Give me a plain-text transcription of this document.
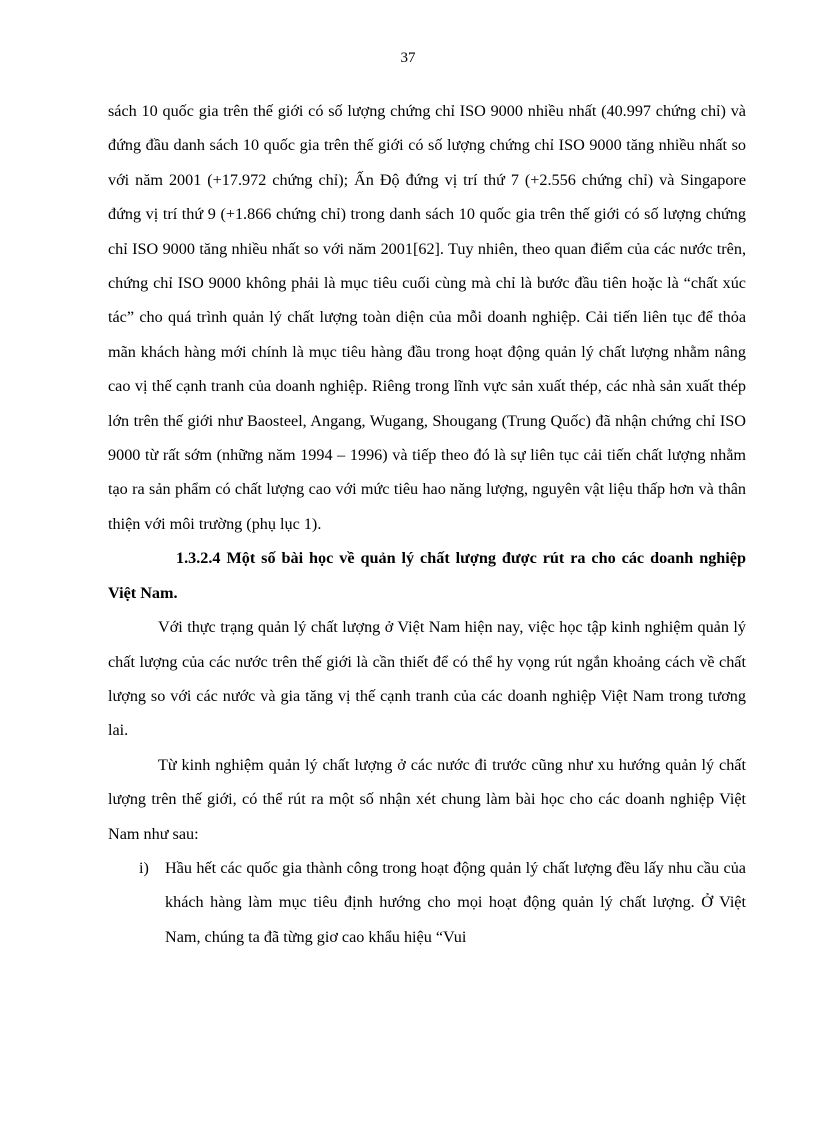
37

sách 10 quốc gia trên thế giới có số lượng chứng chỉ ISO 9000 nhiều nhất (40.997 chứng chỉ) và đứng đầu danh sách 10 quốc gia trên thế giới có số lượng chứng chỉ ISO 9000 tăng nhiều nhất so với năm 2001 (+17.972 chứng chỉ); Ấn Độ đứng vị trí thứ 7 (+2.556 chứng chỉ) và Singapore đứng vị trí thứ 9 (+1.866 chứng chỉ) trong danh sách 10 quốc gia trên thế giới có số lượng chứng chỉ ISO 9000 tăng nhiều nhất so với năm 2001[62]. Tuy nhiên, theo quan điểm của các nước trên, chứng chỉ ISO 9000 không phải là mục tiêu cuối cùng mà chỉ là bước đầu tiên hoặc là “chất xúc tác” cho quá trình quản lý chất lượng toàn diện của mỗi doanh nghiệp. Cải tiến liên tục để thỏa mãn khách hàng mới chính là mục tiêu hàng đầu trong hoạt động quản lý chất lượng nhằm nâng cao vị thế cạnh tranh của doanh nghiệp. Riêng trong lĩnh vực sản xuất thép, các nhà sản xuất thép lớn trên thế giới như Baosteel, Angang, Wugang, Shougang (Trung Quốc) đã nhận chứng chỉ ISO 9000 từ rất sớm (những năm 1994 – 1996) và tiếp theo đó là sự liên tục cải tiến chất lượng nhằm tạo ra sản phẩm có chất lượng cao với mức tiêu hao năng lượng, nguyên vật liệu thấp hơn và thân thiện với môi trường (phụ lục 1).

1.3.2.4 Một số bài học về quản lý chất lượng được rút ra cho các doanh nghiệp Việt Nam.

Với thực trạng quản lý chất lượng ở Việt Nam hiện nay, việc học tập kinh nghiệm quản lý chất lượng của các nước trên thế giới là cần thiết để có thể hy vọng rút ngắn khoảng cách về chất lượng so với các nước và gia tăng vị thế cạnh tranh của các doanh nghiệp Việt Nam trong tương lai.

Từ kinh nghiệm quản lý chất lượng ở các nước đi trước cũng như xu hướng quản lý chất lượng trên thế giới, có thể rút ra một số nhận xét chung làm bài học cho các doanh nghiệp Việt Nam như sau:

i) Hầu hết các quốc gia thành công trong hoạt động quản lý chất lượng đều lấy nhu cầu của khách hàng làm mục tiêu định hướng cho mọi hoạt động quản lý chất lượng. Ở Việt Nam, chúng ta đã từng giơ cao khẩu hiệu “Vui
